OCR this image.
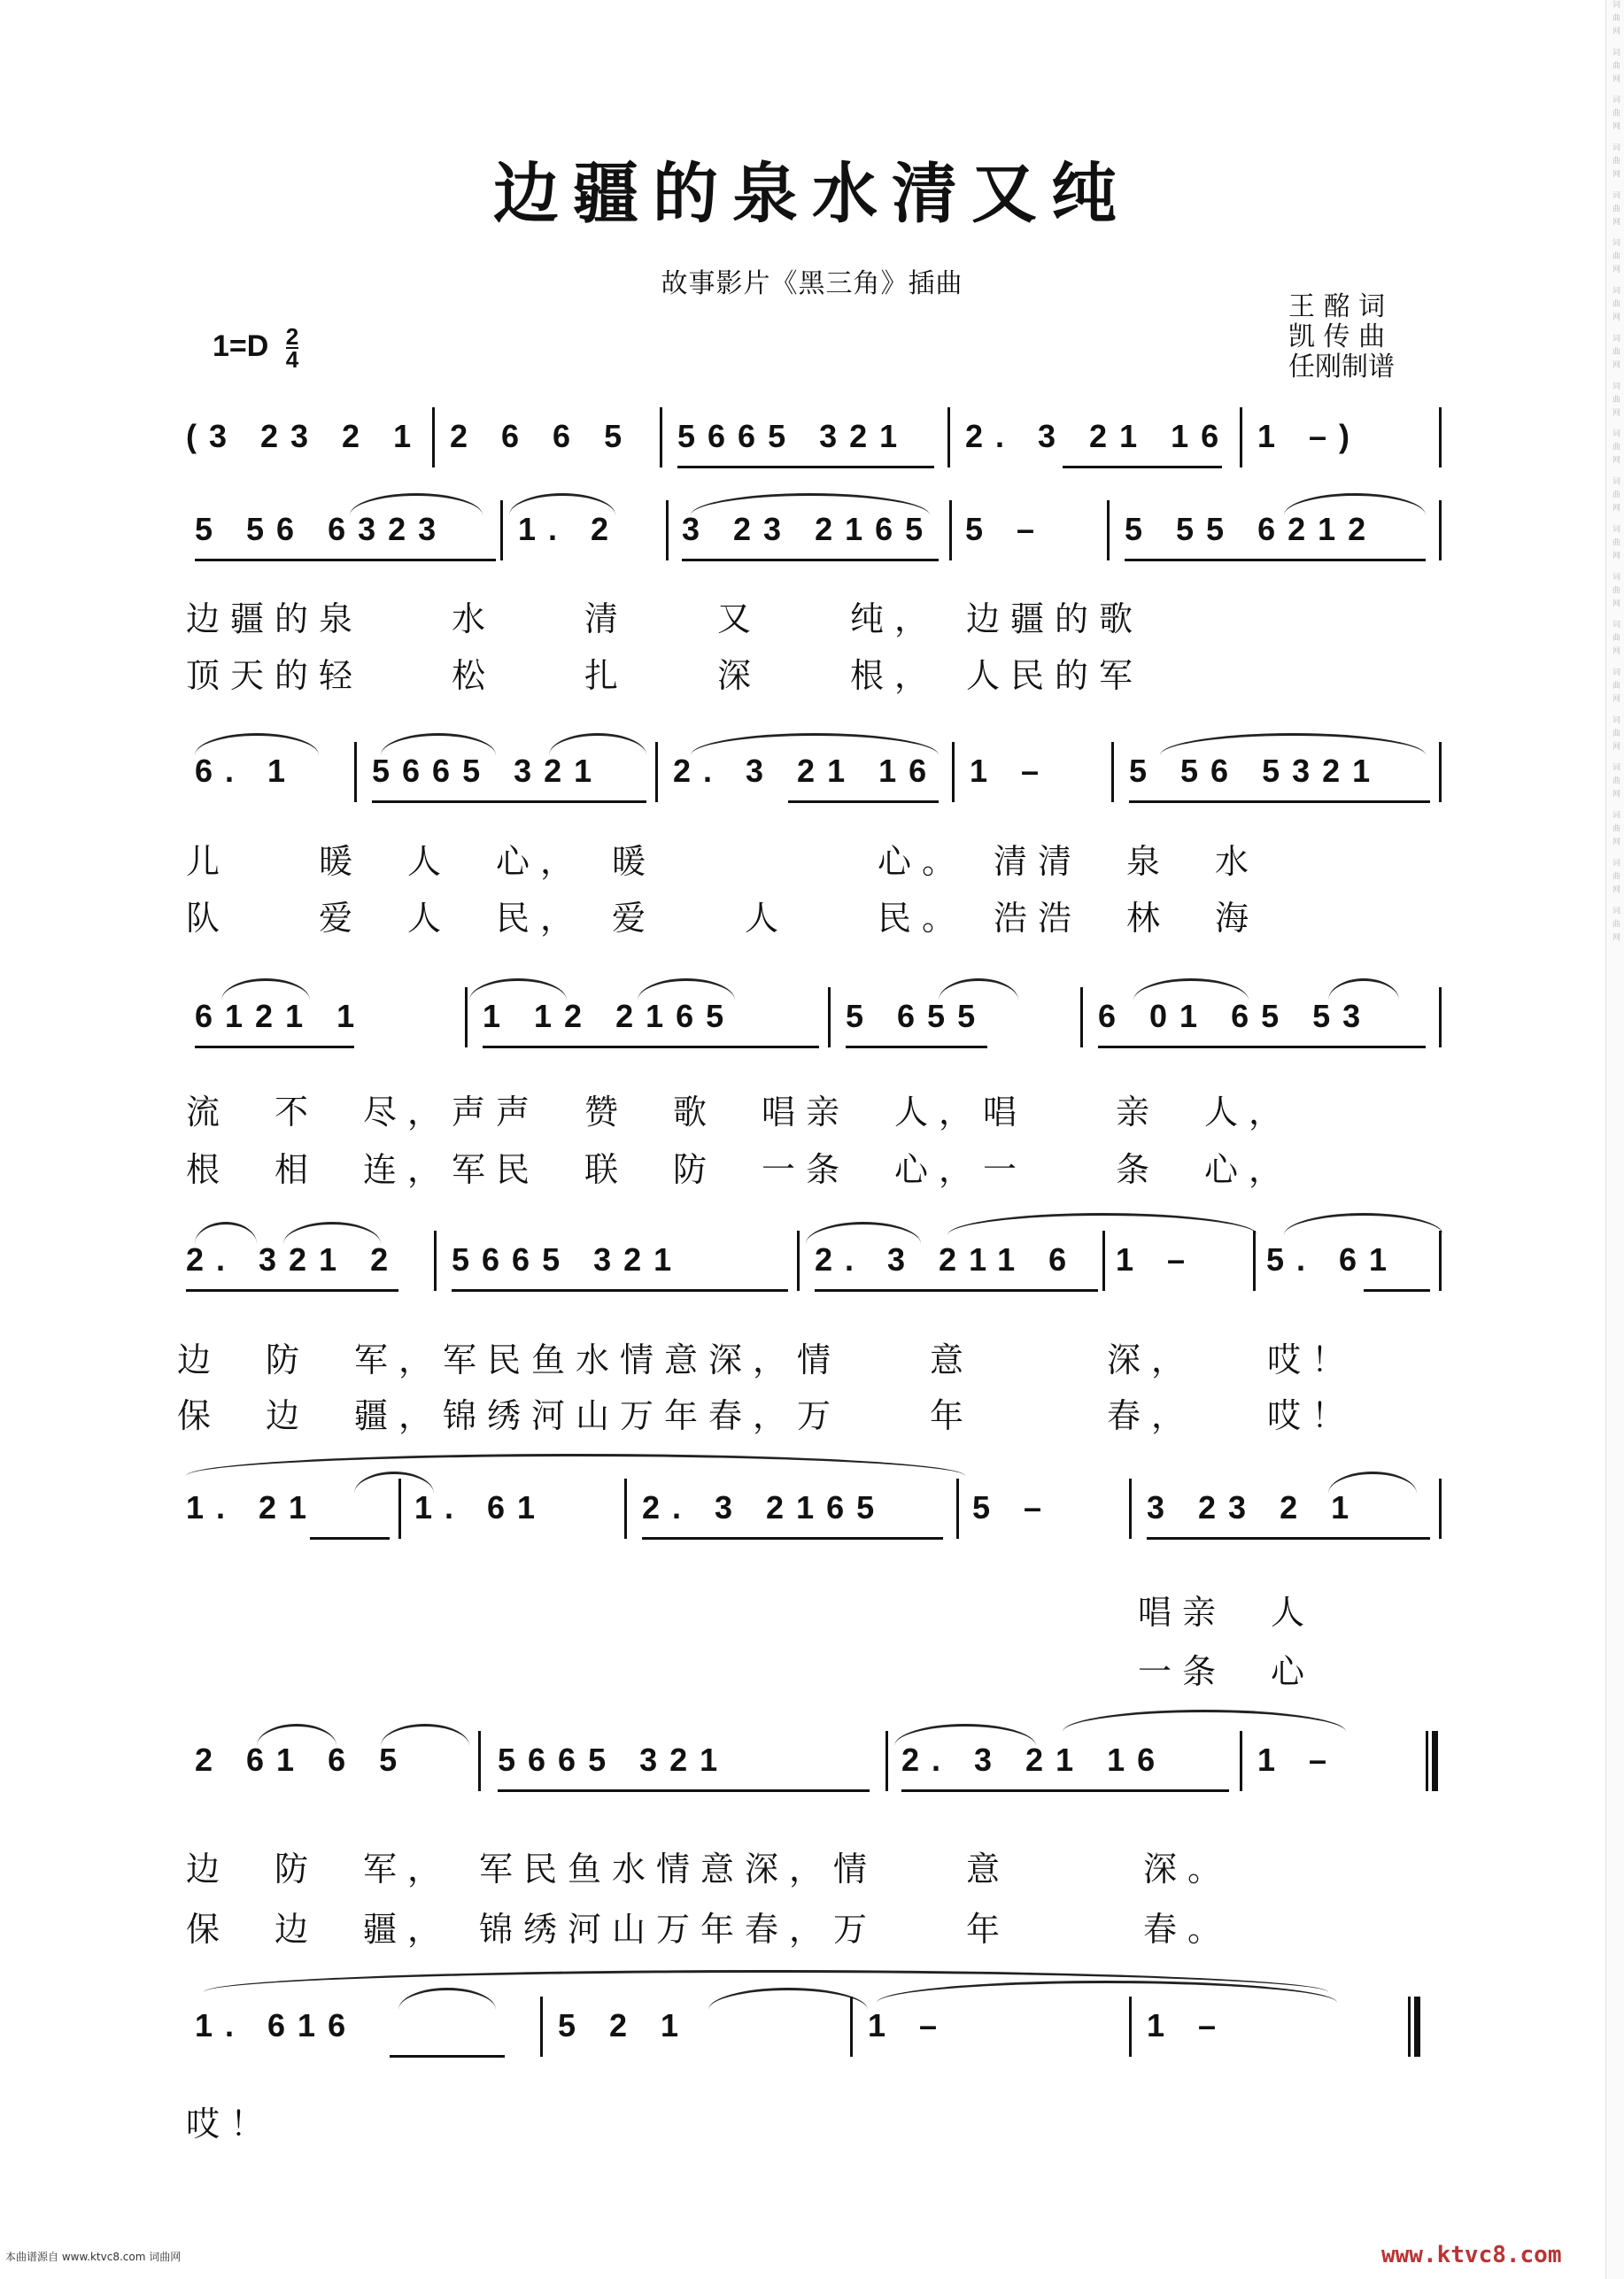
词曲网 词曲网 词曲网 词曲网 词曲网 词曲网 词曲网 词曲网 词曲网 词曲网 词曲网 词曲网 词曲网 词曲网 词曲网 词曲网 词曲网 词曲网 词曲网 词曲网
边疆的泉水清又纯
故事影片《黑三角》插曲
王 酩 词
凯 传 曲
任刚制谱
$1=D \frac{2}{4}$
(3 23 2 1 2 6 6 5 5665 321 2. 3 21 16 1 –)
5 56 6323 1. 2 3 23 2165 5 – 5 55 6212
边疆的泉　　水　　清　　又　　纯，　边疆的歌
顶天的轻　　松　　扎　　深　　根，　人民的军
6. 1 5665 321 2. 3 21 16 1 – 5 56 5321
儿　　暖　人　心，　暖　　　　　心。　清清　泉　水
队　　爱　人　民，　爱　　人　　民。　浩浩　林　海
6121 1	1 12 2165	5 655	6 01 65 53
流　不　尽，声声　赞　歌　唱亲　人，唱　　亲　人，
根　相　连，军民　联　防　一条　心，一　　条　心，
2. 321 2 5665 321	2. 3 211 6 1 – 5. 61
边　防　军，军民鱼水情意深，情　　意　　　深，　　哎！
保　边　疆，锦绣河山万年春，万　　年　　　春，　　哎！
1. 21	1. 61	2. 3 2165	5 –	3 23 2 1
唱亲　人
一条　心
2 61 6 5	5665 321	2. 3 21 16	1 –
边　防　军，　军民鱼水情意深，情　　意　　　深。
保　边　疆，　锦绣河山万年春，万　　年　　　春。
1. 616	5 2 1	1 –	1 –
哎！
本曲谱源自 www.ktvc8.com 词曲网	www.ktvc8.com
